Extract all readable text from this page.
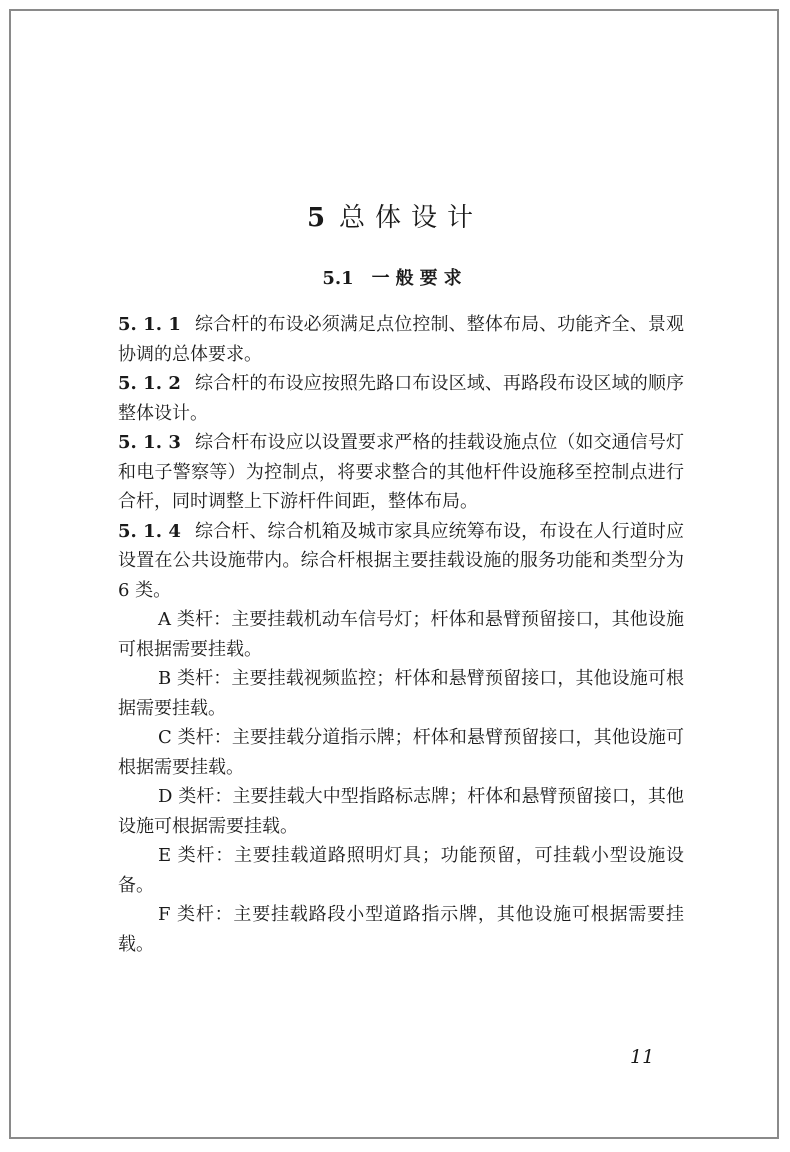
5 总体设计
5.1 一般要求

5. 1. 1 综合杆的布设必须满足点位控制、整体布局、功能齐全、景观协调的总体要求。

5. 1. 2 综合杆的布设应按照先路口布设区域、再路段布设区域的顺序整体设计。

5. 1. 3 综合杆布设应以设置要求严格的挂载设施点位（如交通信号灯和电子警察等）为控制点，将要求整合的其他杆件设施移至控制点进行合杆，同时调整上下游杆件间距，整体布局。

5. 1. 4 综合杆、综合机箱及城市家具应统筹布设，布设在人行道时应设置在公共设施带内。综合杆根据主要挂载设施的服务功能和类型分为 6 类。

A 类杆：主要挂载机动车信号灯；杆体和悬臂预留接口，其他设施可根据需要挂载。

B 类杆：主要挂载视频监控；杆体和悬臂预留接口，其他设施可根据需要挂载。

C 类杆：主要挂载分道指示牌；杆体和悬臂预留接口，其他设施可根据需要挂载。

D 类杆：主要挂载大中型指路标志牌；杆体和悬臂预留接口，其他设施可根据需要挂载。

E 类杆：主要挂载道路照明灯具；功能预留，可挂载小型设施设备。

F 类杆：主要挂载路段小型道路指示牌，其他设施可根据需要挂载。

11
